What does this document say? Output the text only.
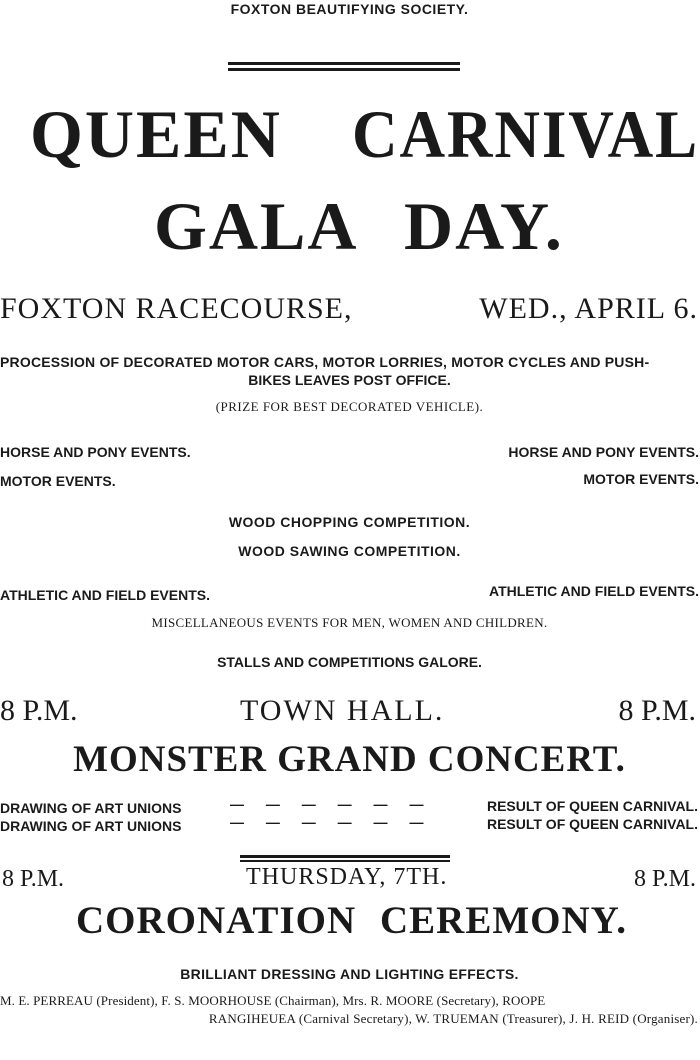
FOXTON BEAUTIFYING SOCIETY.
QUEEN CARNIVAL
GALA DAY.
FOXTON RACECOURSE,	WED., APRIL 6.
PROCESSION OF DECORATED MOTOR CARS, MOTOR LORRIES, MOTOR CYCLES AND PUSH-
BIKES LEAVES POST OFFICE.
(PRIZE FOR BEST DECORATED VEHICLE).
HORSE AND PONY EVENTS.	HORSE AND PONY EVENTS.
MOTOR EVENTS.	MOTOR EVENTS.
WOOD CHOPPING COMPETITION.
WOOD SAWING COMPETITION.
ATHLETIC AND FIELD EVENTS.	ATHLETIC AND FIELD EVENTS.
MISCELLANEOUS EVENTS FOR MEN, WOMEN AND CHILDREN.
STALLS AND COMPETITIONS GALORE.
8 P.M.	TOWN HALL.	8 P.M.
MONSTER GRAND CONCERT.
DRAWING OF ART UNIONS	— — — — — —	RESULT OF QUEEN CARNIVAL.
DRAWING OF ART UNIONS	— — — — — —	RESULT OF QUEEN CARNIVAL.
8 P.M.	THURSDAY, 7TH.	8 P.M.
CORONATION CEREMONY.
BRILLIANT DRESSING AND LIGHTING EFFECTS.
M. E. PERREAU (President), F. S. MOORHOUSE (Chairman), Mrs. R. MOORE (Secretary), ROOPE
RANGIHEUEA (Carnival Secretary), W. TRUEMAN (Treasurer), J. H. REID (Organiser).
